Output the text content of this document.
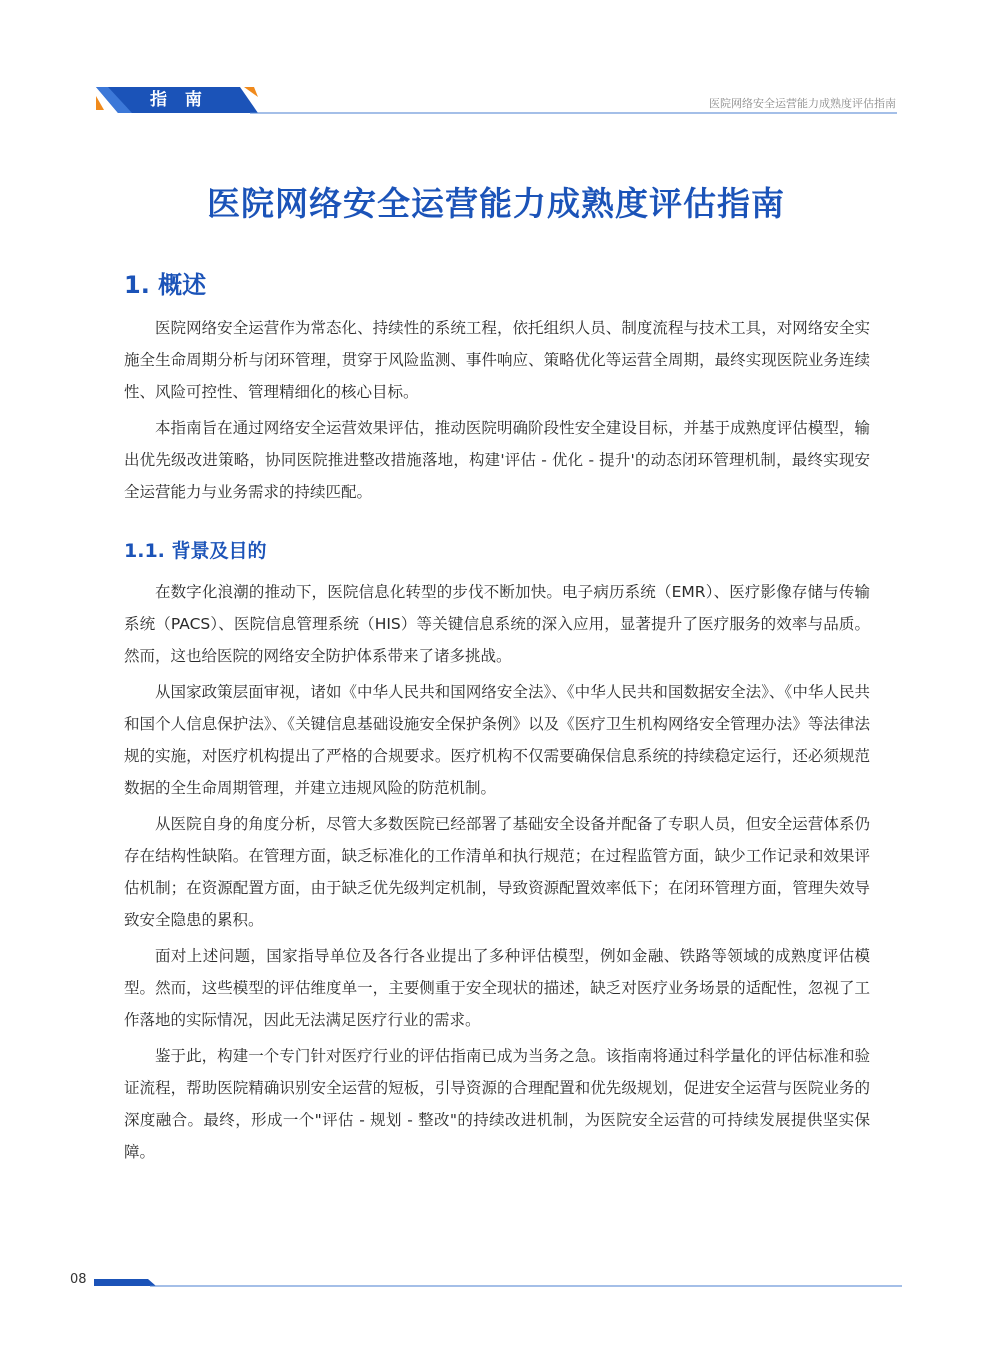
指 南	医院网络安全运营能力成熟度评估指南
医院网络安全运营能力成熟度评估指南
1. 概述

医院网络安全运营作为常态化、持续性的系统工程，依托组织人员、制度流程与技术工具，对网络安全实施全生命周期分析与闭环管理，贯穿于风险监测、事件响应、策略优化等运营全周期，最终实现医院业务连续性、风险可控性、管理精细化的核心目标。

本指南旨在通过网络安全运营效果评估，推动医院明确阶段性安全建设目标，并基于成熟度评估模型，输出优先级改进策略，协同医院推进整改措施落地，构建'评估 - 优化 - 提升'的动态闭环管理机制，最终实现安全运营能力与业务需求的持续匹配。

1.1. 背景及目的

在数字化浪潮的推动下，医院信息化转型的步伐不断加快。电子病历系统（EMR）、医疗影像存储与传输系统（PACS）、医院信息管理系统（HIS）等关键信息系统的深入应用，显著提升了医疗服务的效率与品质。然而，这也给医院的网络安全防护体系带来了诸多挑战。

从国家政策层面审视，诸如《中华人民共和国网络安全法》、《中华人民共和国数据安全法》、《中华人民共和国个人信息保护法》、《关键信息基础设施安全保护条例》以及《医疗卫生机构网络安全管理办法》等法律法规的实施，对医疗机构提出了严格的合规要求。医疗机构不仅需要确保信息系统的持续稳定运行，还必须规范数据的全生命周期管理，并建立违规风险的防范机制。

从医院自身的角度分析，尽管大多数医院已经部署了基础安全设备并配备了专职人员，但安全运营体系仍存在结构性缺陷。在管理方面，缺乏标准化的工作清单和执行规范；在过程监管方面，缺少工作记录和效果评估机制；在资源配置方面，由于缺乏优先级判定机制，导致资源配置效率低下；在闭环管理方面，管理失效导致安全隐患的累积。

面对上述问题，国家指导单位及各行各业提出了多种评估模型，例如金融、铁路等领域的成熟度评估模型。然而，这些模型的评估维度单一，主要侧重于安全现状的描述，缺乏对医疗业务场景的适配性，忽视了工作落地的实际情况，因此无法满足医疗行业的需求。

鉴于此，构建一个专门针对医疗行业的评估指南已成为当务之急。该指南将通过科学量化的评估标准和验证流程，帮助医院精确识别安全运营的短板，引导资源的合理配置和优先级规划，促进安全运营与医院业务的深度融合。最终，形成一个"评估 - 规划 - 整改"的持续改进机制，为医院安全运营的可持续发展提供坚实保障。

08
